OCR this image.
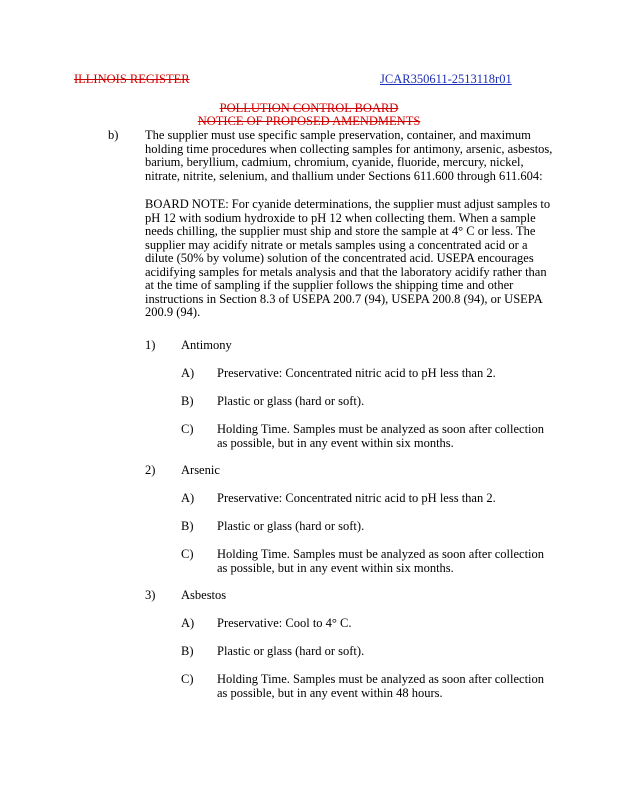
ILLINOIS REGISTER	JCAR350611-2513118r01
POLLUTION CONTROL BOARD
NOTICE OF PROPOSED AMENDMENTS
b) The supplier must use specific sample preservation, container, and maximum
holding time procedures when collecting samples for antimony, arsenic, asbestos,
barium, beryllium, cadmium, chromium, cyanide, fluoride, mercury, nickel,
nitrate, nitrite, selenium, and thallium under Sections 611.600 through 611.604:
BOARD NOTE: For cyanide determinations, the supplier must adjust samples to
pH 12 with sodium hydroxide to pH 12 when collecting them. When a sample
needs chilling, the supplier must ship and store the sample at 4° C or less. The
supplier may acidify nitrate or metals samples using a concentrated acid or a
dilute (50% by volume) solution of the concentrated acid. USEPA encourages
acidifying samples for metals analysis and that the laboratory acidify rather than
at the time of sampling if the supplier follows the shipping time and other
instructions in Section 8.3 of USEPA 200.7 (94), USEPA 200.8 (94), or USEPA
200.9 (94).
1) Antimony
A) Preservative: Concentrated nitric acid to pH less than 2.
B) Plastic or glass (hard or soft).
C) Holding Time. Samples must be analyzed as soon after collection
as possible, but in any event within six months.
2) Arsenic
A) Preservative: Concentrated nitric acid to pH less than 2.
B) Plastic or glass (hard or soft).
C) Holding Time. Samples must be analyzed as soon after collection
as possible, but in any event within six months.
3) Asbestos
A) Preservative: Cool to 4° C.
B) Plastic or glass (hard or soft).
C) Holding Time. Samples must be analyzed as soon after collection
as possible, but in any event within 48 hours.
